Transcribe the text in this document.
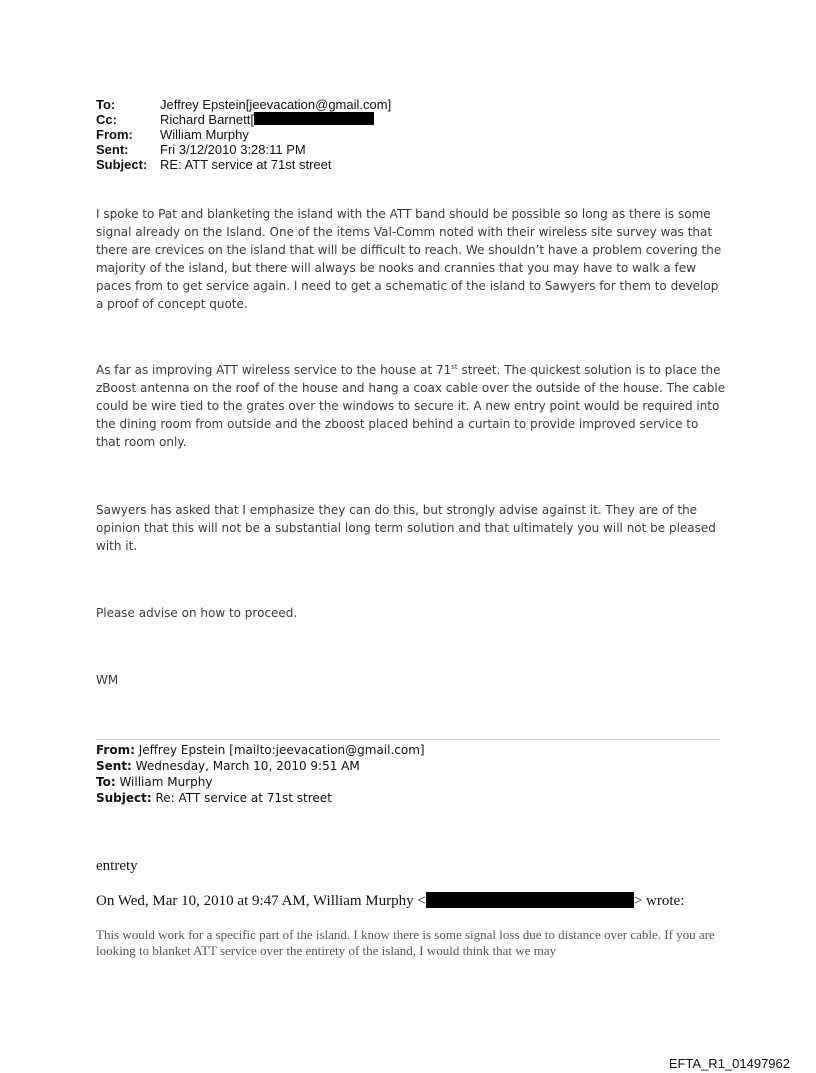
To:	Jeffrey Epstein[jeevacation@gmail.com]
Cc:	Richard Barnett[
From:	William Murphy
Sent:	Fri 3/12/2010 3:28:11 PM
Subject: RE: ATT service at 71st street

I spoke to Pat and blanketing the island with the ATT band should be possible so long as there is some signal already on the Island. One of the items Val-Comm noted with their wireless site survey was that there are crevices on the island that will be difficult to reach. We shouldn’t have a problem covering the majority of the island, but there will always be nooks and crannies that you may have to walk a few paces from to get service again. I need to get a schematic of the island to Sawyers for them to develop a proof of concept quote.

As far as improving ATT wireless service to the house at 71st street. The quickest solution is to place the zBoost antenna on the roof of the house and hang a coax cable over the outside of the house. The cable could be wire tied to the grates over the windows to secure it. A new entry point would be required into the dining room from outside and the zboost placed behind a curtain to provide improved service to that room only.

Sawyers has asked that I emphasize they can do this, but strongly advise against it. They are of the opinion that this will not be a substantial long term solution and that ultimately you will not be pleased with it.

Please advise on how to proceed.

WM

From: Jeffrey Epstein [mailto:jeevacation@gmail.com]
Sent: Wednesday, March 10, 2010 9:51 AM
To: William Murphy
Subject: Re: ATT service at 71st street
entrety
On Wed, Mar 10, 2010 at 9:47 AM, William Murphy <	> wrote:

This would work for a specific part of the island. I know there is some signal loss due to distance over cable. If you are looking to blanket ATT service over the entirety of the island, I would think that we may

EFTA_R1_01497962
